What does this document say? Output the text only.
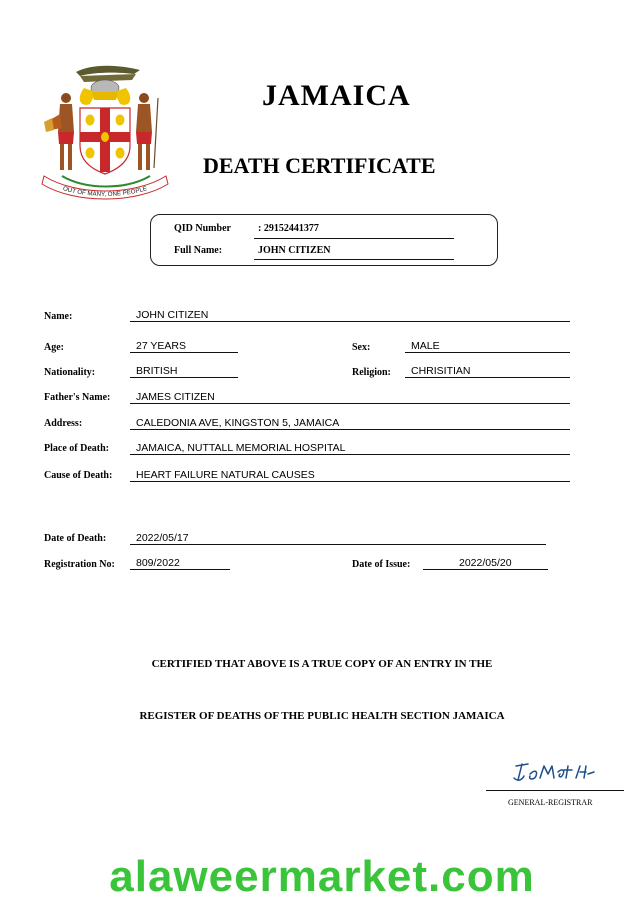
OUT OF MANY, ONE PEOPLE
JAMAICA
DEATH CERTIFICATE
QID Number	: 29152441377
Full Name:	JOHN CITIZEN
Name:	JOHN CITIZEN
Age:	27 YEARS	Sex:	MALE
Nationality:	BRITISH	Religion: CHRISITIAN
Father's Name: JAMES CITIZEN
Address:	CALEDONIA AVE, KINGSTON 5, JAMAICA
Place of Death:	JAMAICA, NUTTALL MEMORIAL HOSPITAL
Cause of Death: HEART FAILURE NATURAL CAUSES
Date of Death:	2022/05/17
Registration No: 809/2022	Date of Issue:	2022/05/20
CERTIFIED THAT ABOVE IS A TRUE COPY OF AN ENTRY IN THE
REGISTER OF DEATHS OF THE PUBLIC HEALTH SECTION JAMAICA
GENERAL-REGISTRAR
alaweermarket.com
